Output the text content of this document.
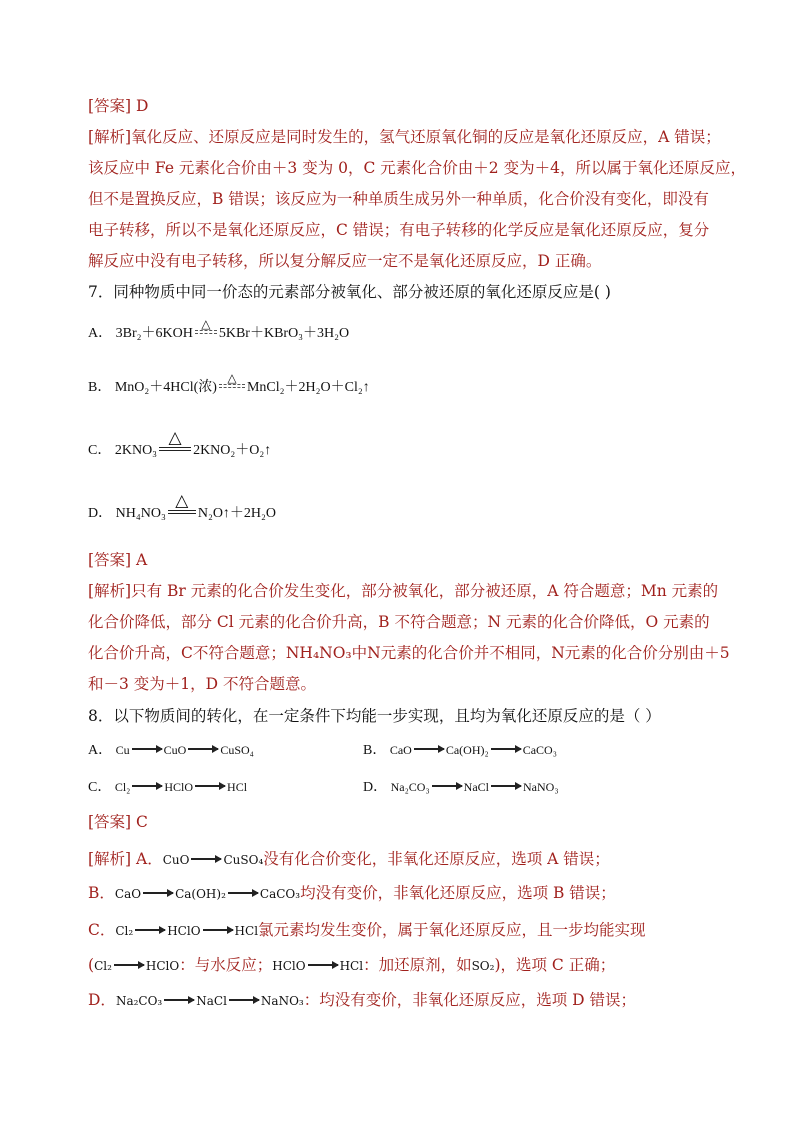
[答案] D
[解析]氧化反应、还原反应是同时发生的，氢气还原氧化铜的反应是氧化还原反应，A 错误；
该反应中 Fe 元素化合价由＋3 变为 0，C 元素化合价由＋2 变为＋4，所以属于氧化还原反应，
但不是置换反应，B 错误；该反应为一种单质生成另外一种单质，化合价没有变化，即没有
电子转移，所以不是氧化还原反应，C 错误；有电子转移的化学反应是氧化还原反应，复分
解反应中没有电子转移，所以复分解反应一定不是氧化还原反应，D 正确。
7．同种物质中同一价态的元素部分被氧化、部分被还原的氧化还原反应是( )
A． 3Br₂＋6KOH
△
5KBr＋KBrO₃＋3H₂O
B． MnO₂＋4HCl(浓)
△
MnCl₂＋2H₂O＋Cl₂↑
C． 2KNO₃
△
2KNO₂＋O₂↑
D． NH₄NO₃
△
N₂O↑＋2H₂O
[答案] A
[解析]只有 Br 元素的化合价发生变化，部分被氧化，部分被还原，A 符合题意；Mn 元素的
化合价降低，部分 Cl 元素的化合价升高，B 不符合题意；N 元素的化合价降低，O 元素的
化合价升高，C不符合题意；NH₄NO₃中N元素的化合价并不相同，N元素的化合价分别由＋5
和－3 变为＋1，D 不符合题意。
8．以下物质间的转化，在一定条件下均能一步实现，且均为氧化还原反应的是（ ）
A． Cu	CuO	CuSO₄	B． CaO	Ca(OH)₂	CaCO₃
C． Cl₂	HClO	HCl	D． Na₂CO₃	NaCl	NaNO₃
[答案] C
[解析] A．CuO	CuSO₄没有化合价变化，非氧化还原反应，选项 A 错误；
B．CaO	Ca(OH)₂	CaCO₃均没有变价，非氧化还原反应，选项 B 错误；
C．Cl₂	HClO	HCl氯元素均发生变价，属于氧化还原反应，且一步均能实现
(Cl₂	HClO：与水反应；HClO	HCl：加还原剂，如SO₂)，选项 C 正确；
D．Na₂CO₃	NaCl	NaNO₃：均没有变价，非氧化还原反应，选项 D 错误；
